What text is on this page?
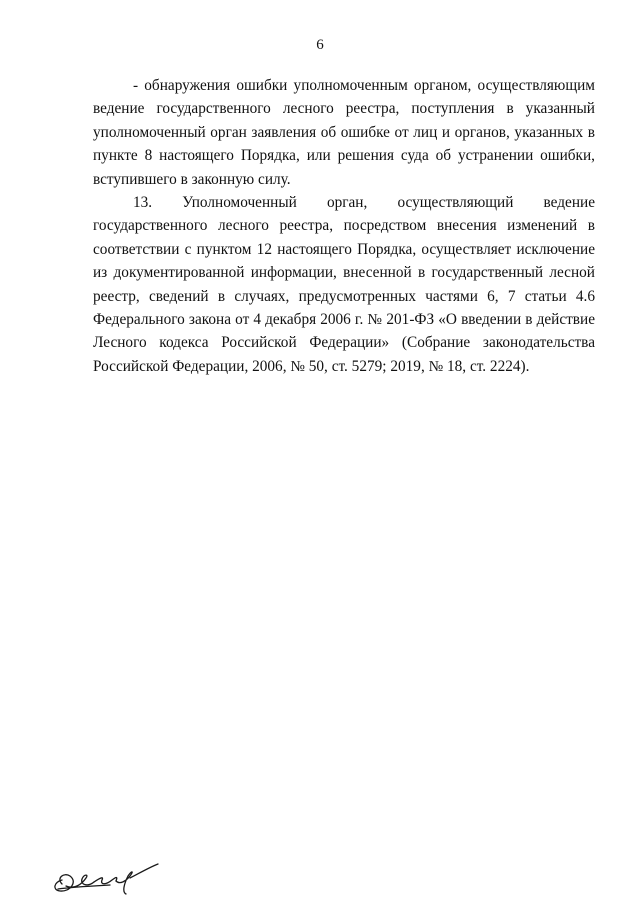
6

- обнаружения ошибки уполномоченным органом, осуществляющим ведение государственного лесного реестра, поступления в указанный уполномоченный орган заявления об ошибке от лиц и органов, указанных в пункте 8 настоящего Порядка, или решения суда об устранении ошибки, вступившего в законную силу.

13. Уполномоченный орган, осуществляющий ведение государственного лесного реестра, посредством внесения изменений в соответствии с пунктом 12 настоящего Порядка, осуществляет исключение из документированной информации, внесенной в государственный лесной реестр, сведений в случаях, предусмотренных частями 6, 7 статьи 4.6 Федерального закона от 4 декабря 2006 г. № 201-ФЗ «О введении в действие Лесного кодекса Российской Федерации» (Собрание законодательства Российской Федерации, 2006, № 50, ст. 5279; 2019, № 18, ст. 2224).
